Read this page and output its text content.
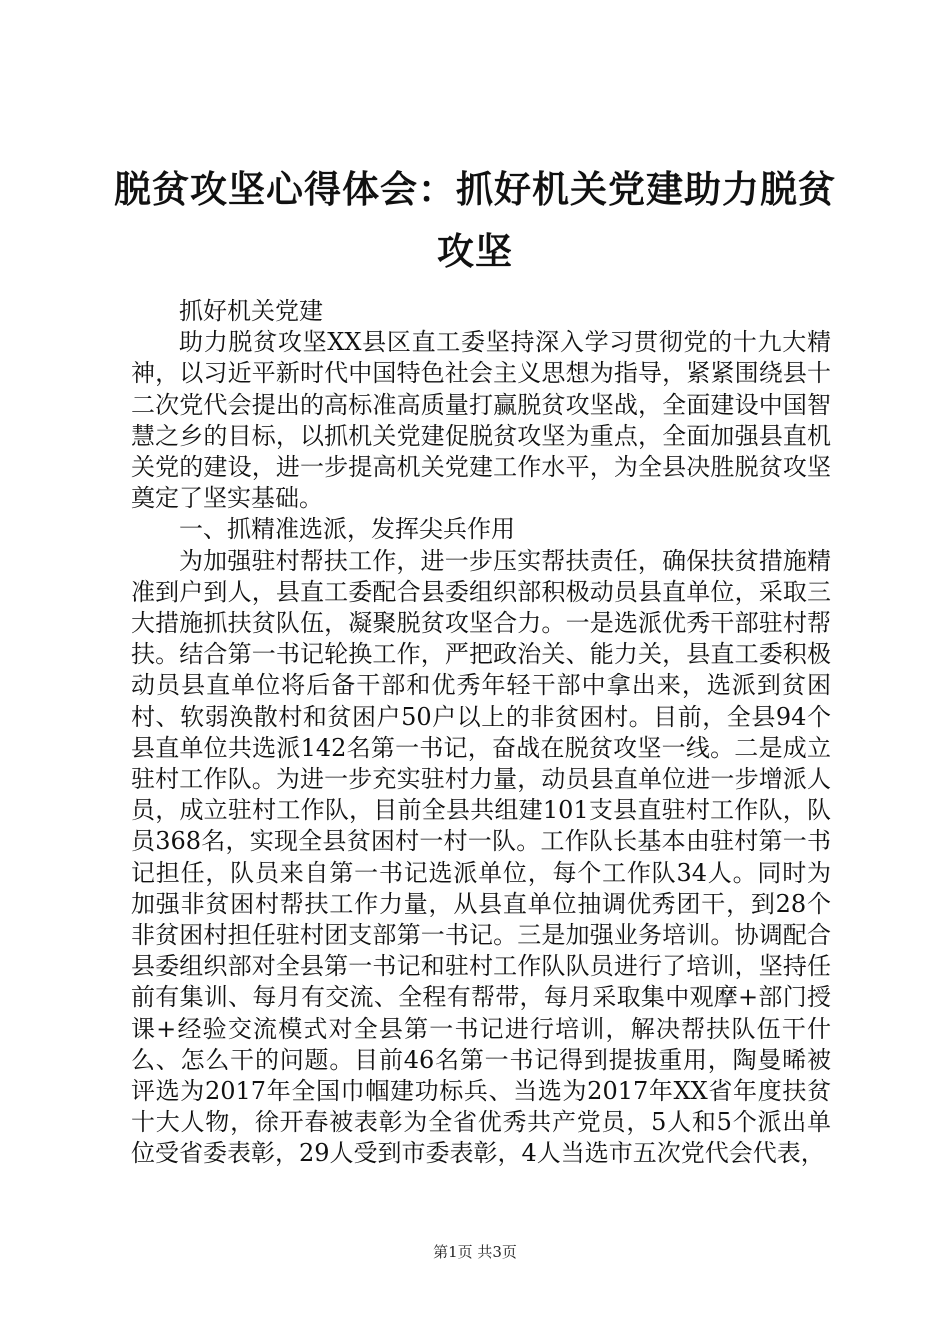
脱贫攻坚心得体会：抓好机关党建助力脱贫攻坚

抓好机关党建

助力脱贫攻坚XX县区直工委坚持深入学习贯彻党的十九大精神，以习近平新时代中国特色社会主义思想为指导，紧紧围绕县十二次党代会提出的高标准高质量打赢脱贫攻坚战，全面建设中国智慧之乡的目标，以抓机关党建促脱贫攻坚为重点，全面加强县直机关党的建设，进一步提高机关党建工作水平，为全县决胜脱贫攻坚奠定了坚实基础。

一、抓精准选派，发挥尖兵作用

为加强驻村帮扶工作，进一步压实帮扶责任，确保扶贫措施精准到户到人，县直工委配合县委组织部积极动员县直单位，采取三大措施抓扶贫队伍，凝聚脱贫攻坚合力。一是选派优秀干部驻村帮扶。结合第一书记轮换工作，严把政治关、能力关，县直工委积极动员县直单位将后备干部和优秀年轻干部中拿出来，选派到贫困村、软弱涣散村和贫困户50户以上的非贫困村。目前，全县94个县直单位共选派142名第一书记，奋战在脱贫攻坚一线。二是成立驻村工作队。为进一步充实驻村力量，动员县直单位进一步增派人员，成立驻村工作队，目前全县共组建101支县直驻村工作队，队员368名，实现全县贫困村一村一队。工作队长基本由驻村第一书记担任，队员来自第一书记选派单位，每个工作队34人。同时为加强非贫困村帮扶工作力量，从县直单位抽调优秀团干，到28个非贫困村担任驻村团支部第一书记。三是加强业务培训。协调配合县委组织部对全县第一书记和驻村工作队队员进行了培训，坚持任前有集训、每月有交流、全程有帮带，每月采取集中观摩+部门授课+经验交流模式对全县第一书记进行培训，解决帮扶队伍干什么、怎么干的问题。目前46名第一书记得到提拔重用，陶曼晞被评选为2017年全国巾帼建功标兵、当选为2017年XX省年度扶贫十大人物，徐开春被表彰为全省优秀共产党员，5人和5个派出单位受省委表彰，29人受到市委表彰，4人当选市五次党代会代表，

第1页 共3页
